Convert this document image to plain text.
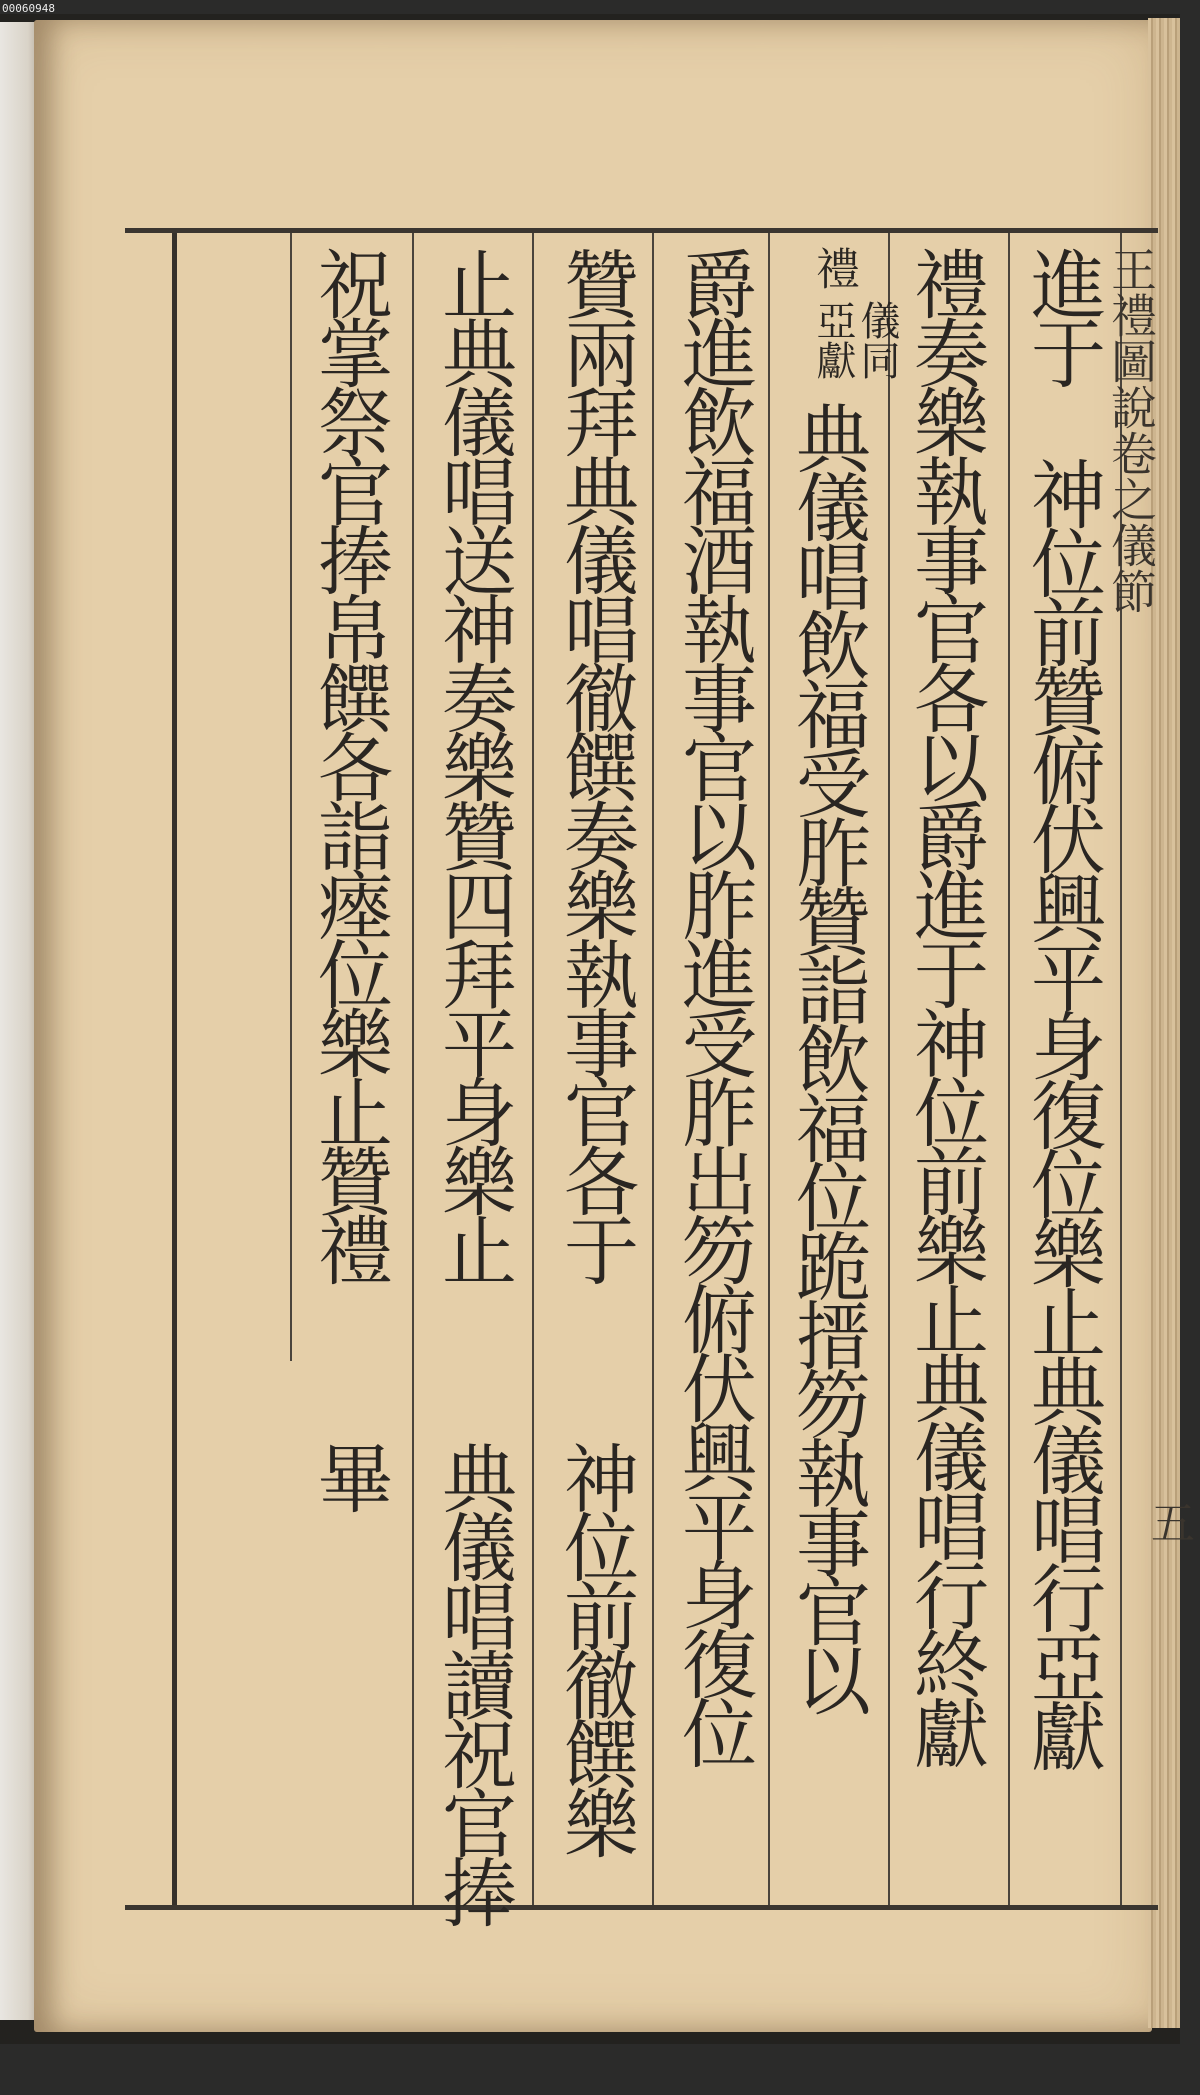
00060948
王禮圖說卷之儀節
五
進于
神位前贊俯伏興平身復位樂止典儀唱行亞獻
禮奏樂執事官各以爵進于神位前樂止典儀唱行終獻
禮
亞獻
儀同
典儀唱飲福受胙贊詣飲福位跪搢笏執事官以
爵進飲福酒執事官以胙進受胙出笏俯伏興平身復位
贊兩拜典儀唱徹饌奏樂執事官各于
神位前徹饌樂
止典儀唱送神奏樂贊四拜平身樂止
典儀唱讀祝官捧
祝掌祭官捧帛饌各詣瘞位樂止贊禮
畢
